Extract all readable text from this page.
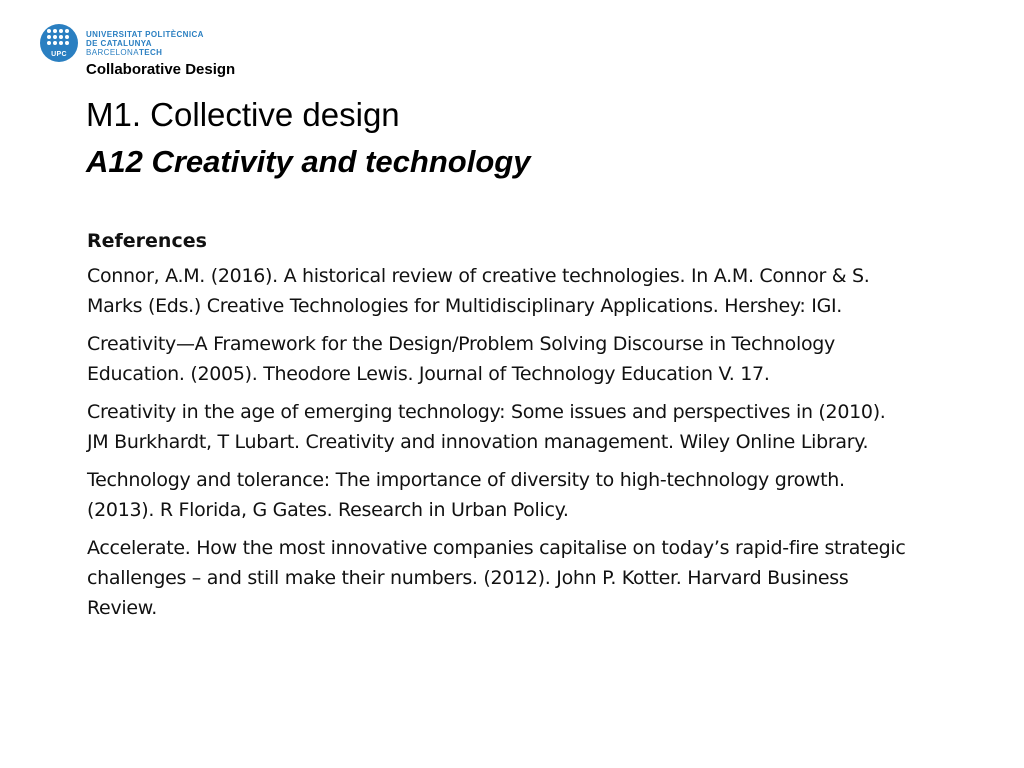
UPC
UNIVERSITAT POLITÈCNICA
DE CATALUNYA
BARCELONATECH
Collaborative Design
M1. Collective design
A12 Creativity and technology
References

Connor, A.M. (2016). A historical review of creative technologies. In A.M. Connor & S.
Marks (Eds.) Creative Technologies for Multidisciplinary Applications. Hershey: IGI.

Creativity—A Framework for the Design/Problem Solving Discourse in Technology
Education. (2005). Theodore Lewis. Journal of Technology Education V. 17.

Creativity in the age of emerging technology: Some issues and perspectives in (2010).
JM Burkhardt, T Lubart. Creativity and innovation management. Wiley Online Library.

Technology and tolerance: The importance of diversity to high-technology growth.
(2013). R Florida, G Gates. Research in Urban Policy.

Accelerate. How the most innovative companies capitalise on today’s rapid-fire strategic
challenges – and still make their numbers. (2012). John P. Kotter. Harvard Business
Review.
